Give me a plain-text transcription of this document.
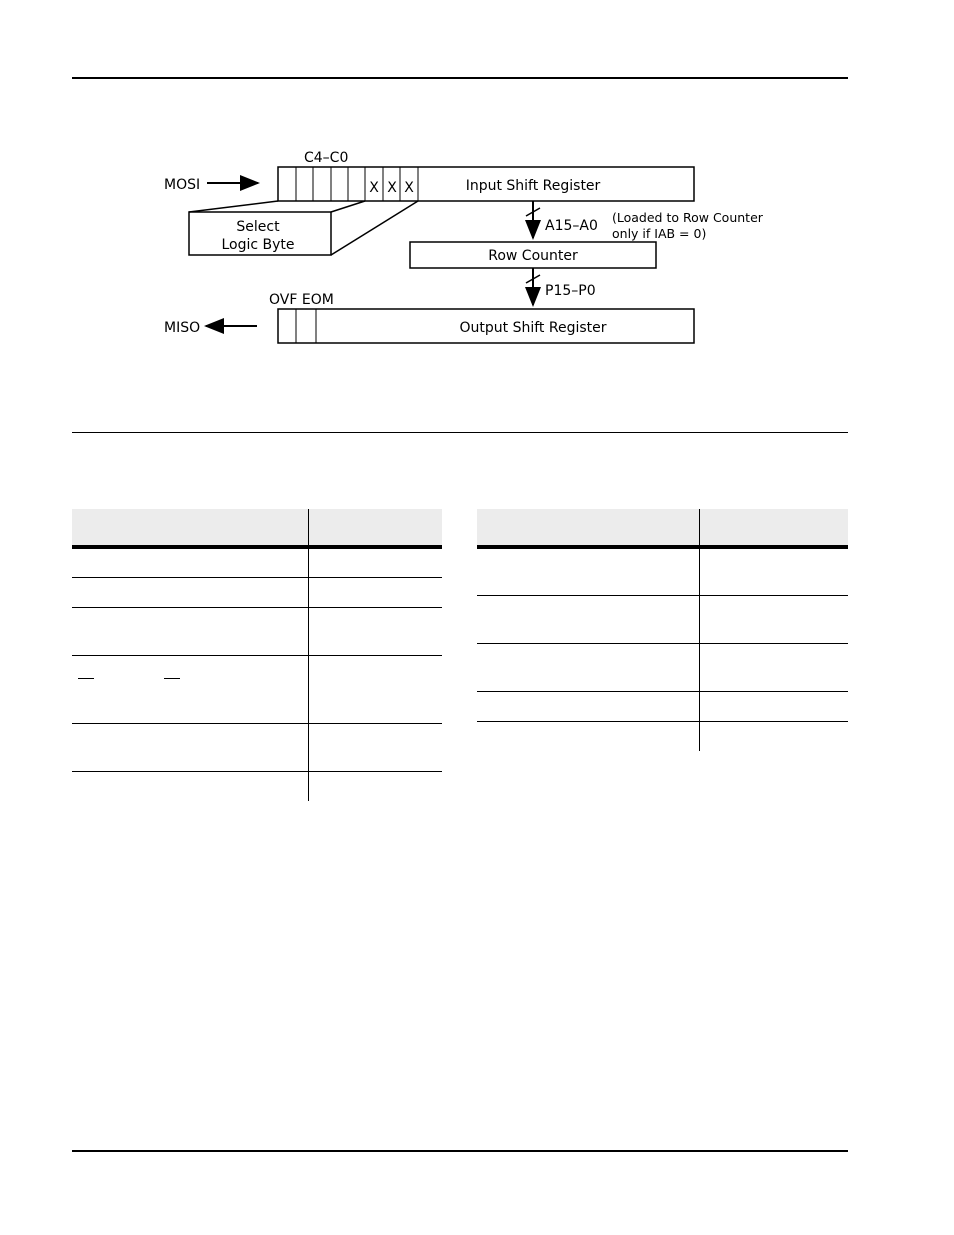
C4–C0
MOSI	X X X	Input Shift Register
Select
Logic Byte
A15–A0
(Loaded to Row Counter
only if IAB = 0)
Row Counter
P15–P0
OVF EOM
MISO	Output Shift Register
